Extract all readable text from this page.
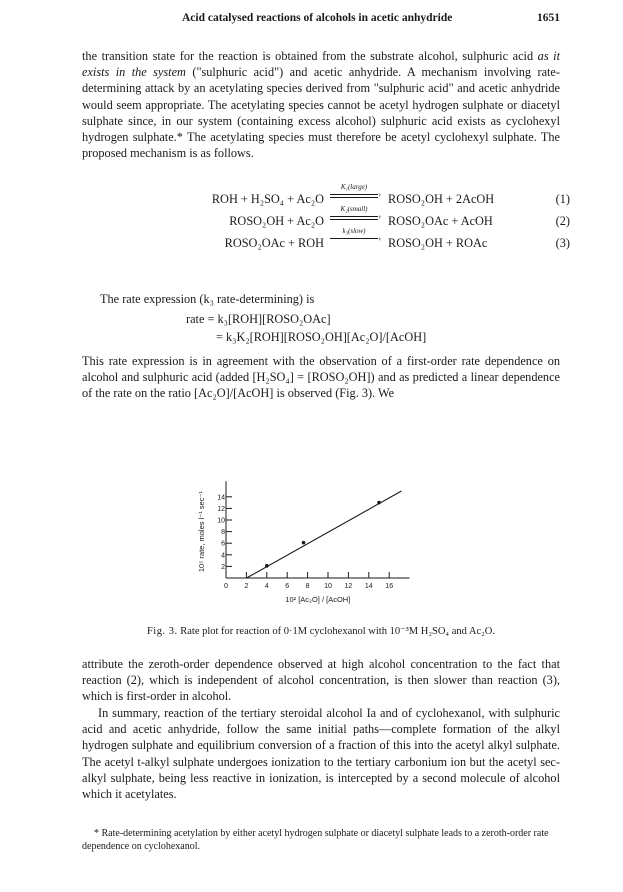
Acid catalysed reactions of alcohols in acetic anhydride	1651

the transition state for the reaction is obtained from the substrate alcohol, sulphuric acid as it exists in the system ("sulphuric acid") and acetic anhydride. A mechanism involving rate-determining attack by an acetylating species derived from "sulphuric acid" and acetic anhydride would seem appropriate. The acetylating species cannot be acetyl hydrogen sulphate or diacetyl sulphate since, in our system (containing excess alcohol) sulphuric acid exists as cyclohexyl hydrogen sulphate.* The acetylating species must therefore be acetyl cyclohexyl sulphate. The proposed mechanism is as follows.

ROH + H₂SO₄ + Ac₂O
K₁(large)
› ROSO₂OH + 2AcOH	(1)
ROSO₂OH + Ac₂O
K₂(small)
› ROSO₂OAc + AcOH	(2)
ROSO₂OAc + ROH
k₃(slow)
› ROSO₂OH + ROAc	(3)
The rate expression (k₃ rate-determining) is
rate = k₃[ROH][ROSO₂OAc]
= k₃K₂[ROH][ROSO₂OH][Ac₂O]/[AcOH]

This rate expression is in agreement with the observation of a first-order rate dependence on alcohol and sulphuric acid (added [H₂SO₄] = [ROSO₂OH]) and as predicted a linear dependence of the rate on the ratio [Ac₂O]/[AcOH] is observed (Fig. 3). We

0 2 4 6 8 10 12 14 16
2
4
6
8
10
12
14
10⁵ rate, moles l⁻¹ sec⁻¹
10² [Ac₂O] / [AcOH]
Fig. 3. Rate plot for reaction of 0·1M cyclohexanol with 10⁻³M H₂SO₄ and Ac₂O.

attribute the zeroth-order dependence observed at high alcohol concentration to the fact that reaction (2), which is independent of alcohol concentration, is then slower than reaction (3), which is first-order in alcohol.

In summary, reaction of the tertiary steroidal alcohol Ia and of cyclohexanol, with sulphuric acid and acetic anhydride, follow the same initial paths—complete formation of the alkyl hydrogen sulphate and equilibrium conversion of a fraction of this into the acetyl alkyl sulphate. The acetyl t-alkyl sulphate undergoes ionization to the tertiary carbonium ion but the acetyl sec-alkyl sulphate, being less reactive in ionization, is intercepted by a second molecule of alcohol which it acetylates.

* Rate-determining acetylation by either acetyl hydrogen sulphate or diacetyl sulphate leads to a zeroth-order rate dependence on cyclohexanol.
